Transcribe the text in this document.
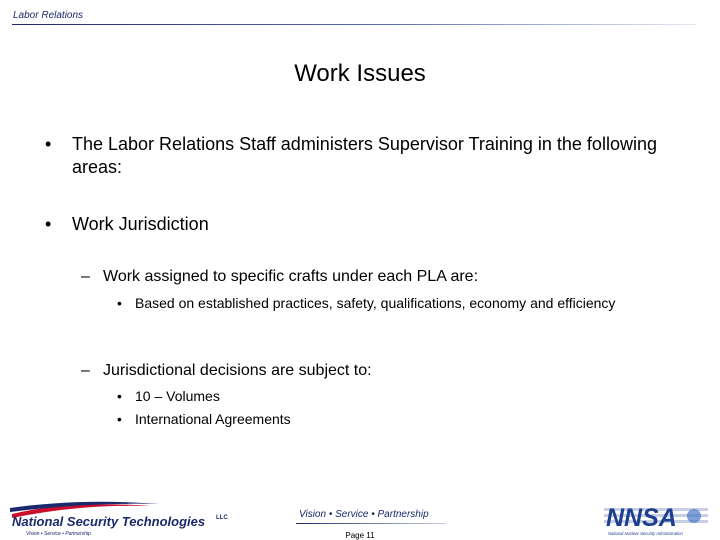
Labor Relations
Work Issues
• The Labor Relations Staff administers Supervisor Training in the following areas:
• Work Jurisdiction
– Work assigned to specific crafts under each PLA are:
• Based on established practices, safety, qualifications, economy and efficiency
– Jurisdictional decisions are subject to:
• 10 – Volumes
• International Agreements
National Security Technologies LLC
Vision • Service • Partnership
Vision • Service • Partnership
Page 11
NNSA
National Nuclear Security Administration
